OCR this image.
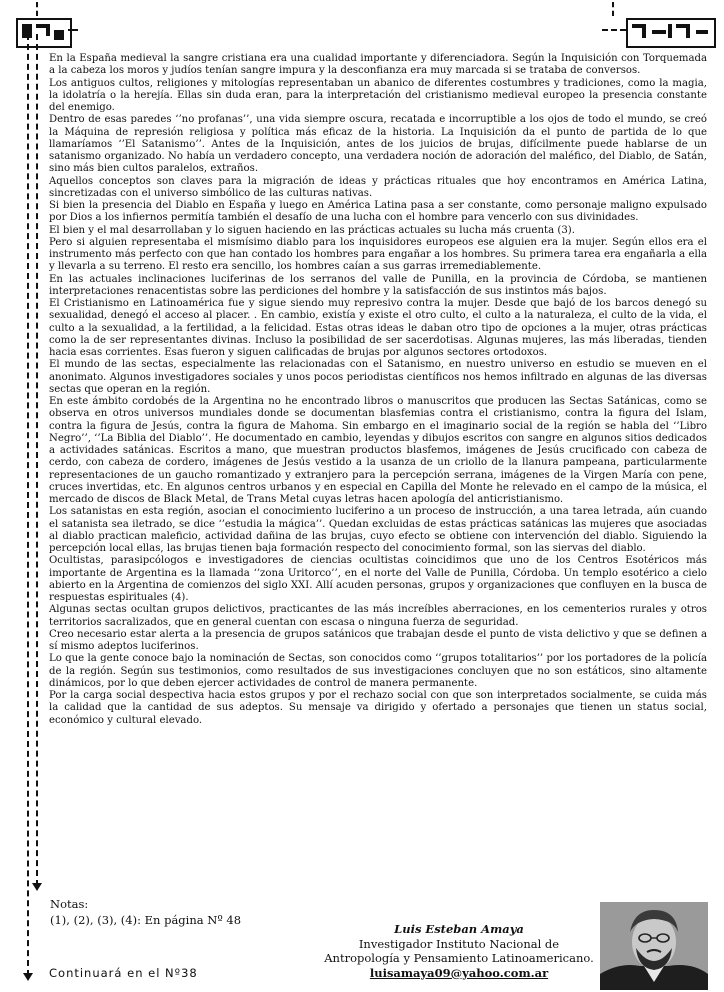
En la España medieval la sangre cristiana era una cualidad importante y diferenciadora. Según la Inquisición con Torquemada a la cabeza los moros y judíos tenían sangre impura y la desconfianza era muy marcada si se trataba de conversos.

Los antiguos cultos, religiones y mitologías representaban un abanico de diferentes costumbres y tradiciones, como la magia, la idolatría o la herejía. Ellas sin duda eran, para la interpretación del cristianismo medieval europeo la presencia constante del enemigo.

Dentro de esas paredes ‘’no profanas’’, una vida siempre oscura, recatada e incorruptible a los ojos de todo el mundo, se creó la Máquina de represión religiosa y política más eficaz de la historia. La Inquisición da el punto de partida de lo que llamaríamos ‘’El Satanismo’’. Antes de la Inquisición, antes de los juicios de brujas, difícilmente puede hablarse de un satanismo organizado. No había un verdadero concepto, una verdadera noción de adoración del maléfico, del Diablo, de Satán, sino más bien cultos paralelos, extraños.

Aquellos conceptos son claves para la migración de ideas y prácticas rituales que hoy encontramos en América Latina, sincretizadas con el universo simbólico de las culturas nativas.

Si bien la presencia del Diablo en España y luego en América Latina pasa a ser constante, como personaje maligno expulsado por Dios a los infiernos permitía también el desafío de una lucha con el hombre para vencerlo con sus divinidades.

El bien y el mal desarrollaban y lo siguen haciendo en las prácticas actuales su lucha más cruenta (3).

Pero si alguien representaba el mismísimo diablo para los inquisidores europeos ese alguien era la mujer. Según ellos era el instrumento más perfecto con que han contado los hombres para engañar a los hombres. Su primera tarea era engañarla a ella y llevarla a su terreno. El resto era sencillo, los hombres caían a sus garras irremediablemente.

En las actuales inclinaciones luciferinas de los serranos del valle de Punilla, en la provincia de Córdoba, se mantienen interpretaciones renacentistas sobre las perdiciones del hombre y la satisfacción de sus instintos más bajos.

El Cristianismo en Latinoamérica fue y sigue siendo muy represivo contra la mujer. Desde que bajó de los barcos denegó su sexualidad, denegó el acceso al placer. . En cambio, existía y existe el otro culto, el culto a la naturaleza, el culto de la vida, el culto a la sexualidad, a la fertilidad, a la felicidad. Estas otras ideas le daban otro tipo de opciones a la mujer, otras prácticas como la de ser representantes divinas. Incluso la posibilidad de ser sacerdotisas. Algunas mujeres, las más liberadas, tienden hacia esas corrientes. Esas fueron y siguen calificadas de brujas por algunos sectores ortodoxos.

El mundo de las sectas, especialmente las relacionadas con el Satanismo, en nuestro universo en estudio se mueven en el anonimato. Algunos investigadores sociales y unos pocos periodistas científicos nos hemos infiltrado en algunas de las diversas sectas que operan en la región.

En este ámbito cordobés de la Argentina no he encontrado libros o manuscritos que producen las Sectas Satánicas, como se observa en otros universos mundiales donde se documentan blasfemias contra el cristianismo, contra la figura del Islam, contra la figura de Jesús, contra la figura de Mahoma. Sin embargo en el imaginario social de la región se habla del ‘’Libro Negro’’, ‘’La Biblia del Diablo’’. He documentado en cambio, leyendas y dibujos escritos con sangre en algunos sitios dedicados a actividades satánicas. Escritos a mano, que muestran productos blasfemos, imágenes de Jesús crucificado con cabeza de cerdo, con cabeza de cordero, imágenes de Jesús vestido a la usanza de un criollo de la llanura pampeana, particularmente representaciones de un gaucho romantizado y extranjero para la percepción serrana, imágenes de la Virgen María con pene, cruces invertidas, etc. En algunos centros urbanos y en especial en Capilla del Monte he relevado en el campo de la música, el mercado de discos de Black Metal, de Trans Metal cuyas letras hacen apología del anticristianismo.

Los satanistas en esta región, asocian el conocimiento luciferino a un proceso de instrucción, a una tarea letrada, aún cuando el satanista sea iletrado, se dice ‘’estudia la mágica’’. Quedan excluidas de estas prácticas satánicas las mujeres que asociadas al diablo practican maleficio, actividad dañina de las brujas, cuyo efecto se obtiene con intervención del diablo. Siguiendo la percepción local ellas, las brujas tienen baja formación respecto del conocimiento formal, son las siervas del diablo.

Ocultistas, parasipcólogos e investigadores de ciencias ocultistas coincidimos que uno de los Centros Esotéricos más importante de Argentina es la llamada ‘’zona Uritorco’’, en el norte del Valle de Punilla, Córdoba. Un templo esotérico a cielo abierto en la Argentina de comienzos del siglo XXI. Allí acuden personas, grupos y organizaciones que confluyen en la busca de respuestas espirituales (4).

Algunas sectas ocultan grupos delictivos, practicantes de las más increíbles aberraciones, en los cementerios rurales y otros territorios sacralizados, que en general cuentan con escasa o ninguna fuerza de seguridad.

Creo necesario estar alerta a la presencia de grupos satánicos que trabajan desde el punto de vista delictivo y que se definen a sí mismo adeptos luciferinos.

Lo que la gente conoce bajo la nominación de Sectas, son conocidos como ‘’grupos totalitarios’’ por los portadores de la policía de la región. Según sus testimonios, como resultados de sus investigaciones concluyen que no son estáticos, sino altamente dinámicos, por lo que deben ejercer actividades de control de manera permanente.

Por la carga social despectiva hacia estos grupos y por el rechazo social con que son interpretados socialmente, se cuida más la calidad que la cantidad de sus adeptos. Su mensaje va dirigido y ofertado a personajes que tienen un status social, económico y cultural elevado.

Notas:
(1), (2), (3), (4): En página Nº 48
Continuará en el Nº38
Luis Esteban Amaya
Investigador Instituto Nacional de
Antropología y Pensamiento Latinoamericano.
luisamaya09@yahoo.com.ar
